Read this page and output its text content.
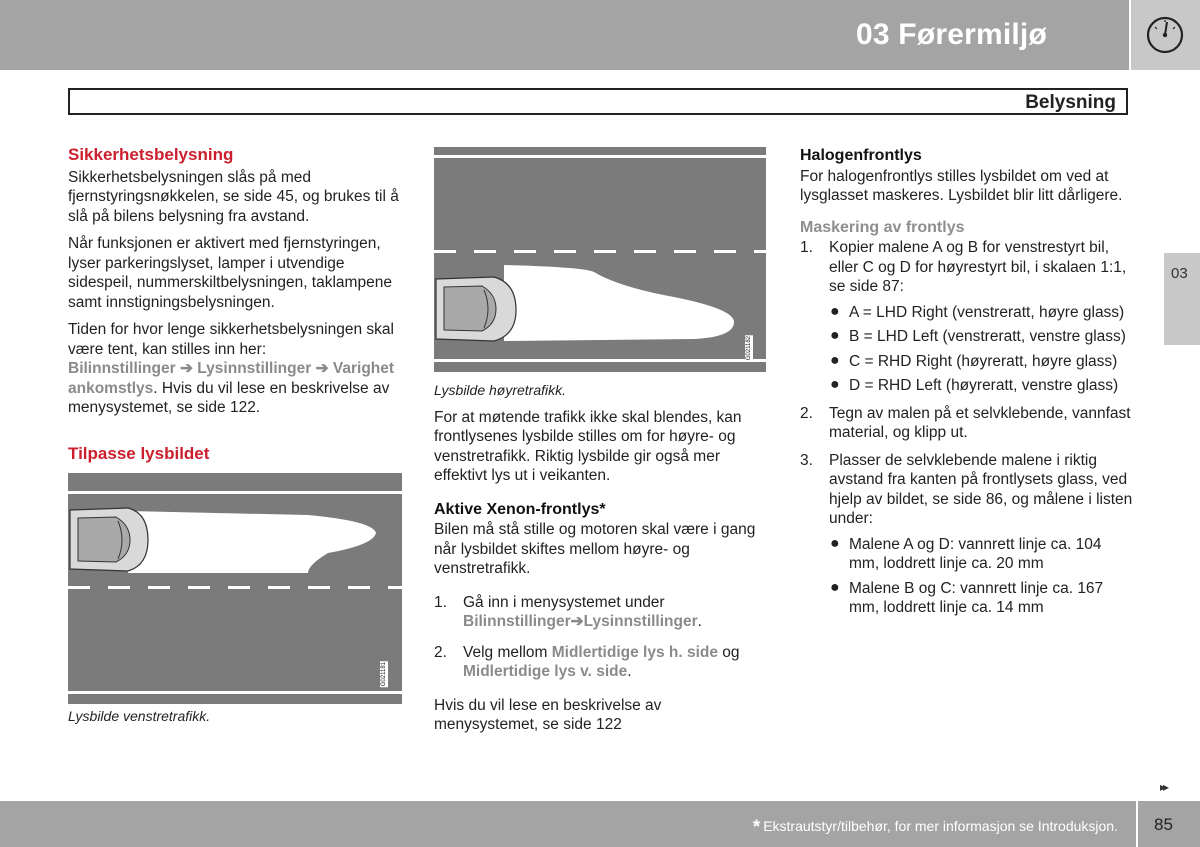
03 Førermiljø
Belysning
03
Sikkerhetsbelysning

Sikkerhetsbelysningen slås på med fjernstyringsnøkkelen, se side 45, og brukes til å slå på bilens belysning fra avstand.

Når funksjonen er aktivert med fjernstyringen, lyser parkeringslyset, lamper i utvendige sidespeil, nummerskiltbelysningen, taklampene samt innstigningsbelysningen.

Tiden for hvor lenge sikkerhetsbelysningen skal være tent, kan stilles inn her:
Bilinnstillinger ➔ Lysinnstillinger ➔ Varighet ankomstlys. Hvis du vil lese en beskrivelse av menysystemet, se side 122.

Tilpasse lysbildet
G021181
Lysbilde venstretrafikk.
G021182
Lysbilde høyretrafikk.

For at møtende trafikk ikke skal blendes, kan frontlysenes lysbilde stilles om for høyre- og venstretrafikk. Riktig lysbilde gir også mer effektivt lys ut i veikanten.

Aktive Xenon-frontlys*

Bilen må stå stille og motoren skal være i gang når lysbildet skiftes mellom høyre- og venstretrafikk.

1. Gå inn i menysystemet under
Bilinnstillinger➔Lysinnstillinger.
2. Velg mellom Midlertidige lys h. side og
Midlertidige lys v. side.

Hvis du vil lese en beskrivelse av menysystemet, se side 122

Halogenfrontlys

For halogenfrontlys stilles lysbildet om ved at lysglasset maskeres. Lysbildet blir litt dårligere.

Maskering av frontlys
1. Kopier malene A og B for venstrestyrt bil, eller C og D for høyrestyrt bil, i skalaen 1:1, se side 87:
● A = LHD Right (venstreratt, høyre glass)
● B = LHD Left (venstreratt, venstre glass)
● C = RHD Right (høyreratt, høyre glass)
● D = RHD Left (høyreratt, venstre glass)
2. Tegn av malen på et selvklebende, vannfast material, og klipp ut.
3. Plasser de selvklebende malene i riktig avstand fra kanten på frontlysets glass, ved hjelp av bildet, se side 86, og målene i listen under:
● Malene A og D: vannrett linje ca. 104 mm, loddrett linje ca. 20 mm
● Malene B og C: vannrett linje ca. 167 mm, loddrett linje ca. 14 mm
▸▸
* Ekstrautstyr/tilbehør, for mer informasjon se Introduksjon. 85
